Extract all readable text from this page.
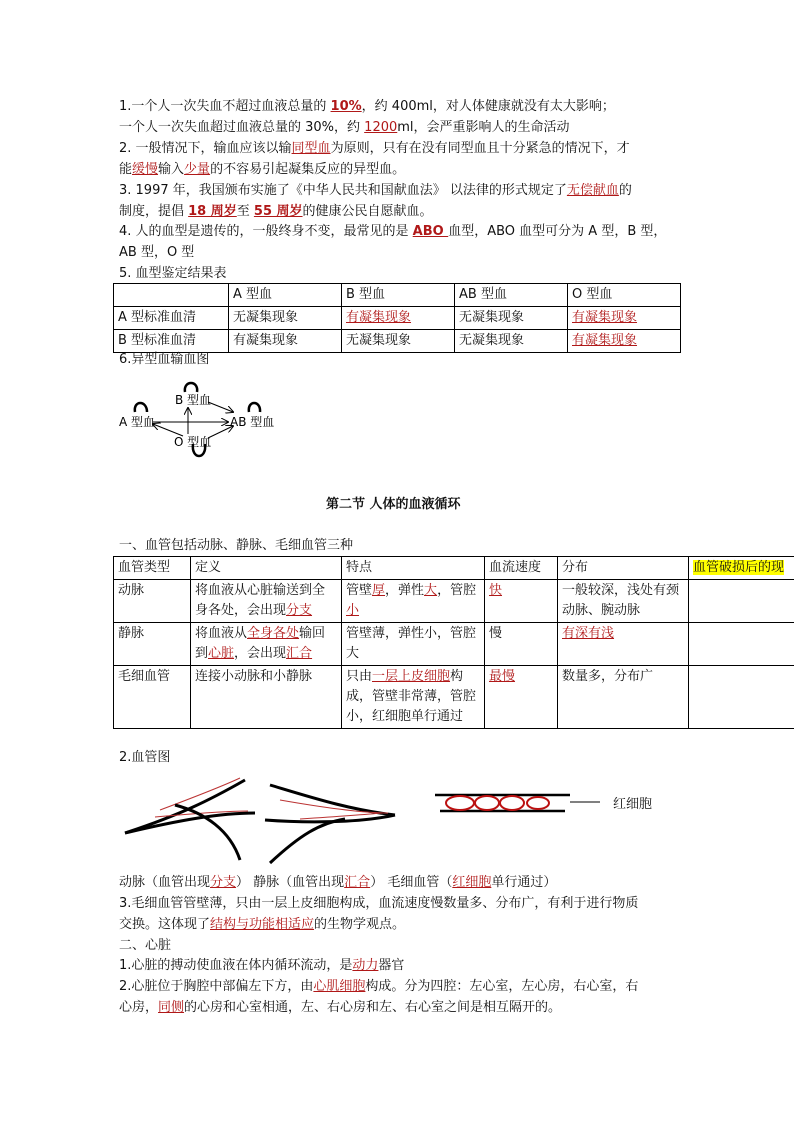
1.一个人一次失血不超过血液总量的 10%，约 400ml，对人体健康就没有太大影响；
一个人一次失血超过血液总量的 30%，约 1200ml，会严重影响人的生命活动
2. 一般情况下，输血应该以输同型血为原则，只有在没有同型血且十分紧急的情况下，才
能缓慢输入少量的不容易引起凝集反应的异型血。
3. 1997 年，我国颁布实施了《中华人民共和国献血法》 以法律的形式规定了无偿献血的
制度，提倡 18 周岁至 55 周岁的健康公民自愿献血。
4. 人的血型是遗传的，一般终身不变，最常见的是 ABO 血型，ABO 血型可分为 A 型，B 型，
AB 型，O 型
5. 血型鉴定结果表
	A 型血	B 型血	AB 型血	O 型血
A 型标准血清	无凝集现象	有凝集现象	无凝集现象	有凝集现象
B 型标准血清	有凝集现象	无凝集现象	无凝集现象	有凝集现象
6.异型血输血图
A 型血
B 型血
AB 型血
O 型血
第二节 人体的血液循环
一、血管包括动脉、静脉、毛细血管三种
血管类型	定义	特点	血流速度	分布	血管破损后的现
动脉	将血液从心脏输送到全身各处，会出现分支	管壁厚，弹性大，管腔小	快	一般较深，浅处有颈动脉、腕动脉	
静脉	将血液从全身各处输回到心脏，会出现汇合	管壁薄，弹性小，管腔大	慢	有深有浅	
毛细血管	连接小动脉和小静脉	只由一层上皮细胞构成，管壁非常薄，管腔小，红细胞单行通过	最慢	数量多，分布广	
2.血管图
红细胞
动脉（血管出现分支） 静脉（血管出现汇合） 毛细血管（红细胞单行通过）
3.毛细血管管壁薄，只由一层上皮细胞构成，血流速度慢数量多、分布广，有利于进行物质
交换。这体现了结构与功能相适应的生物学观点。
二、心脏
1.心脏的搏动使血液在体内循环流动，是动力器官
2.心脏位于胸腔中部偏左下方，由心肌细胞构成。分为四腔：左心室，左心房，右心室，右
心房，同侧的心房和心室相通，左、右心房和左、右心室之间是相互隔开的。
